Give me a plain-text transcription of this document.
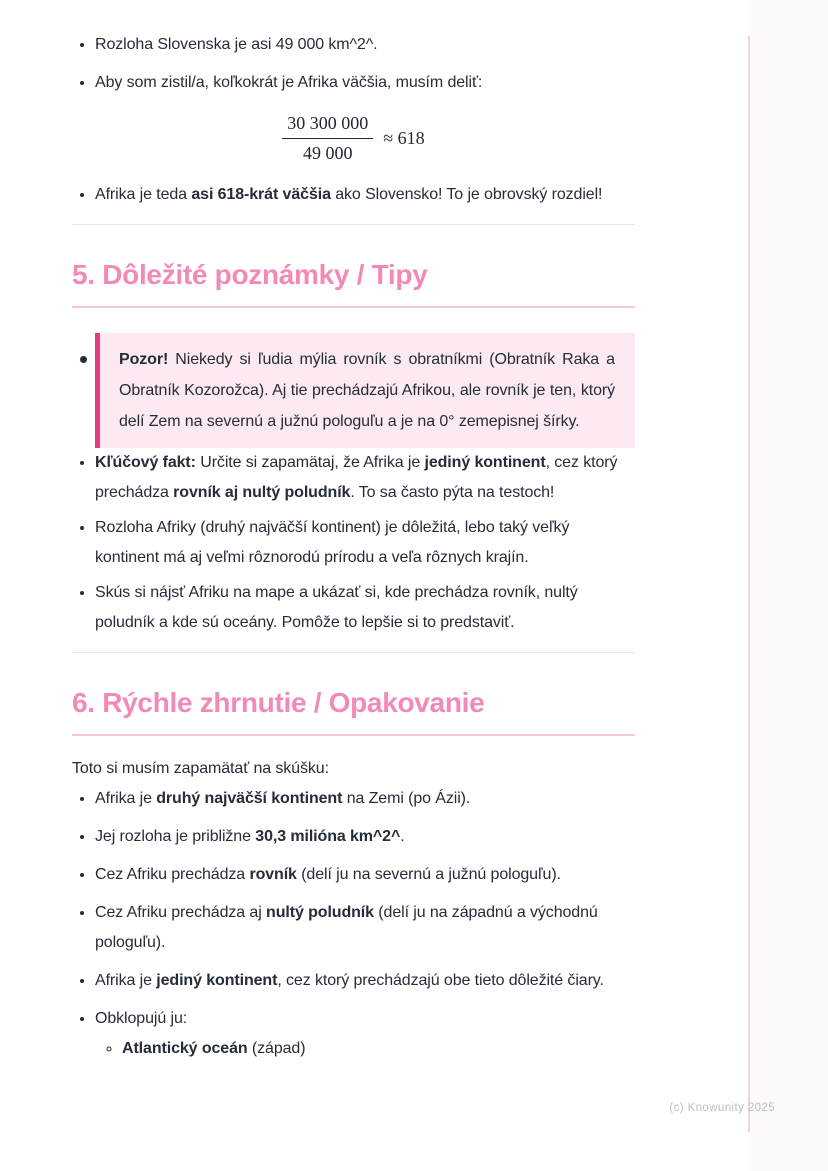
• Rozloha Slovenska je asi 49 000 km^2^.
• Aby som zistil/a, koľkokrát je Afrika väčšia, musím deliť:
$\frac{30 300 000}{49 000} \approx 618$
• Afrika je teda asi 618-krát väčšia ako Slovensko! To je obrovský rozdiel!
5. Dôležité poznámky / Tipy
Pozor! Niekedy si ľudia mýlia rovník s obratníkmi (Obratník Raka a Obratník Kozorožca). Aj tie prechádzajú Afrikou, ale rovník je ten, ktorý delí Zem na severnú a južnú pologuľu a je na 0° zemepisnej šírky.
• Kľúčový fakt: Určite si zapamätaj, že Afrika je jediný kontinent, cez ktorý prechádza rovník aj nultý poludník. To sa často pýta na testoch!
• Rozloha Afriky (druhý najväčší kontinent) je dôležitá, lebo taký veľký kontinent má aj veľmi rôznorodú prírodu a veľa rôznych krajín.
• Skús si nájsť Afriku na mape a ukázať si, kde prechádza rovník, nultý poludník a kde sú oceány. Pomôže to lepšie si to predstaviť.
6. Rýchle zhrnutie / Opakovanie

Toto si musím zapamätať na skúšku:

• Afrika je druhý najväčší kontinent na Zemi (po Ázii).
• Jej rozloha je približne 30,3 milióna km^2^.
• Cez Afriku prechádza rovník (delí ju na severnú a južnú pologuľu).
• Cez Afriku prechádza aj nultý poludník (delí ju na západnú a východnú pologuľu).
• Afrika je jediný kontinent, cez ktorý prechádzajú obe tieto dôležité čiary.
• Obklopujú ju:
◦ Atlantický oceán (západ)
(c) Knowunity 2025
